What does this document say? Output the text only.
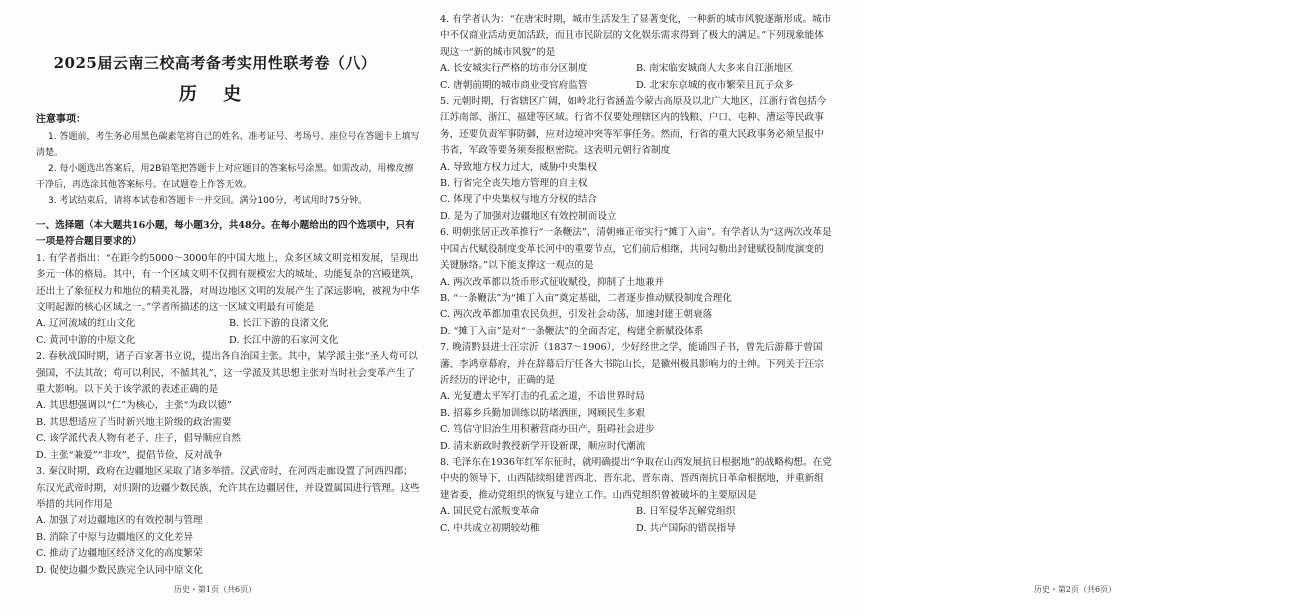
2025届云南三校高考备考实用性联考卷（八）
历 史
注意事项：
1. 答题前，考生务必用黑色碳素笔将自己的姓名、准考证号、考场号、座位号在答题卡上填写清楚。
2. 每小题选出答案后，用2B铅笔把答题卡上对应题目的答案标号涂黑。如需改动，用橡皮擦干净后，再选涂其他答案标号。在试题卷上作答无效。
3. 考试结束后，请将本试卷和答题卡一并交回。满分100分，考试用时75分钟。
一、选择题（本大题共16小题，每小题3分，共48分。在每小题给出的四个选项中，只有一项是符合题目要求的）
1. 有学者指出：“在距今约5000～3000年的中国大地上，众多区域文明竞相发展，呈现出多元一体的格局。其中，有一个区域文明不仅拥有规模宏大的城址、功能复杂的宫殿建筑，还出土了象征权力和地位的精美礼器，对周边地区文明的发展产生了深远影响，被视为中华文明起源的核心区域之一。”学者所描述的这一区域文明最有可能是
A. 辽河流域的红山文化	B. 长江下游的良渚文化
C. 黄河中游的中原文化	D. 长江中游的石家河文化
2. 春秋战国时期，诸子百家著书立说，提出各自治国主张。其中，某学派主张“圣人苟可以强国，不法其故；苟可以利民，不循其礼”，这一学派及其思想主张对当时社会变革产生了重大影响。以下关于该学派的表述正确的是
A. 其思想强调以“仁”为核心，主张“为政以德”
B. 其思想适应了当时新兴地主阶级的政治需要
C. 该学派代表人物有老子、庄子，倡导顺应自然
D. 主张“兼爱”“非攻”，提倡节俭，反对战争
3. 秦汉时期，政府在边疆地区采取了诸多举措。汉武帝时，在河西走廊设置了河西四郡；东汉光武帝时期，对归附的边疆少数民族，允许其在边疆居住，并设置属国进行管理。这些举措的共同作用是
A. 加强了对边疆地区的有效控制与管理
B. 消除了中原与边疆地区的文化差异
C. 推动了边疆地区经济文化的高度繁荣
D. 促使边疆少数民族完全认同中原文化
历史・第1页（共6页）
4. 有学者认为：“在唐宋时期，城市生活发生了显著变化，一种新的城市风貌逐渐形成。城市中不仅商业活动更加活跃，而且市民阶层的文化娱乐需求得到了极大的满足。”下列现象能体现这一“新的城市风貌”的是
A. 长安城实行严格的坊市分区制度	B. 南宋临安城商人大多来自江浙地区
C. 唐朝前期的城市商业受官府监管	D. 北宋东京城的夜市繁荣且瓦子众多
5. 元朝时期，行省辖区广阔，如岭北行省涵盖今蒙古高原及以北广大地区，江浙行省包括今江苏南部、浙江、福建等区域。行省不仅要处理辖区内的钱粮、户口、屯种、漕运等民政事务，还要负责军事防御，应对边境冲突等军事任务。然而，行省的重大民政事务必须呈报中书省，军政等要务须奏报枢密院。这表明元朝行省制度
A. 导致地方权力过大，威胁中央集权
B. 行省完全丧失地方管理的自主权
C. 体现了中央集权与地方分权的结合
D. 是为了加强对边疆地区有效控制而设立
6. 明朝张居正改革推行“一条鞭法”，清朝雍正帝实行“摊丁入亩”。有学者认为“这两次改革是中国古代赋役制度变革长河中的重要节点，它们前后相继，共同勾勒出封建赋役制度演变的关键脉络。”以下能支撑这一观点的是
A. 两次改革都以货币形式征收赋役，抑制了土地兼并
B. “一条鞭法”为“摊丁入亩”奠定基础，二者逐步推动赋役制度合理化
C. 两次改革都加重农民负担，引发社会动荡，加速封建王朝衰落
D. “摊丁入亩”是对“一条鞭法”的全面否定，构建全新赋役体系
7. 晚清黔县进士汪宗沂（1837～1906），少好经世之学，能诵四子书，曾先后游幕于曾国藩、李鸿章幕府，并在辞幕后厅任各大书院山长，是徽州极具影响力的士绅。下列关于汪宗沂经历的评论中，正确的是
A. 光复遭太平军打击的孔孟之道，不谙世界时局
B. 招募乡兵勤加训练以防堵洒匪，网顾民生多艰
C. 笃信守旧治生用积蓄营商办田产，阻碍社会进步
D. 清末新政时教授新学开设新课，顺应时代潮流
8. 毛泽东在1936年红军东征时，就明确提出“争取在山西发展抗日根据地”的战略构想。在党中央的领导下，山西陆续组建晋西北、晋东北、晋东南、晋西南抗日革命根据地，并重新组建省委，推动党组织的恢复与建立工作。山西党组织曾被破坏的主要原因是
A. 国民党右派叛变革命	B. 日军侵华瓦解党组织
C. 中共成立初期较幼稚	D. 共产国际的错误指导
历史・第2页（共6页）
